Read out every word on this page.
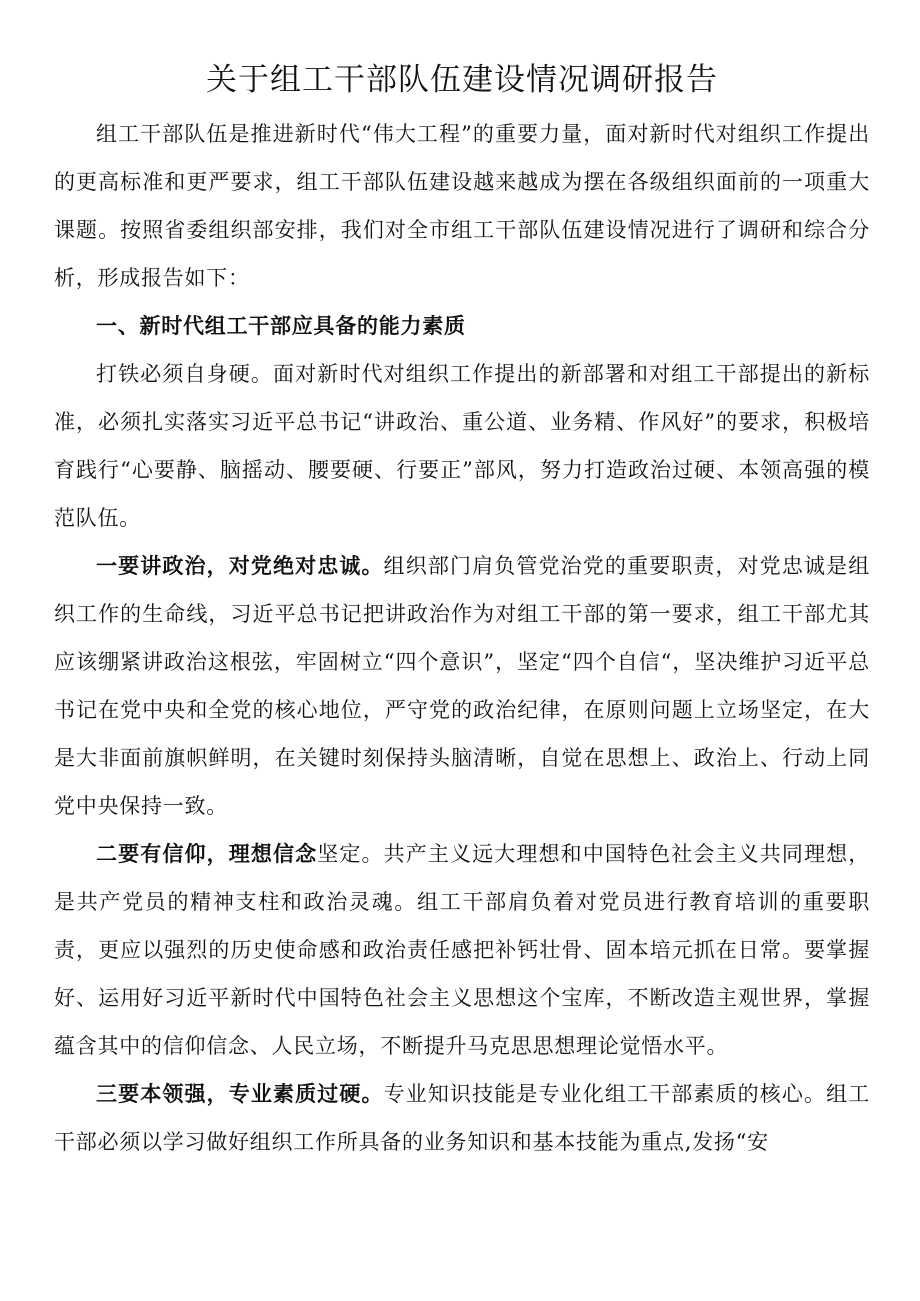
关于组工干部队伍建设情况调研报告

组工干部队伍是推进新时代“伟大工程”的重要力量，面对新时代对组织工作提出的更高标准和更严要求，组工干部队伍建设越来越成为摆在各级组织面前的一项重大课题。按照省委组织部安排，我们对全市组工干部队伍建设情况进行了调研和综合分析，形成报告如下：

一、新时代组工干部应具备的能力素质

打铁必须自身硬。面对新时代对组织工作提出的新部署和对组工干部提出的新标准，必须扎实落实习近平总书记“讲政治、重公道、业务精、作风好”的要求，积极培育践行“心要静、脑摇动、腰要硬、行要正”部风，努力打造政治过硬、本领高强的模范队伍。

一要讲政治，对党绝对忠诚。组织部门肩负管党治党的重要职责，对党忠诚是组织工作的生命线，习近平总书记把讲政治作为对组工干部的第一要求，组工干部尤其应该绷紧讲政治这根弦，牢固树立“四个意识”，坚定“四个自信“，坚决维护习近平总书记在党中央和全党的核心地位，严守党的政治纪律，在原则问题上立场坚定，在大是大非面前旗帜鲜明，在关键时刻保持头脑清晰，自觉在思想上、政治上、行动上同党中央保持一致。

二要有信仰，理想信念坚定。共产主义远大理想和中国特色社会主义共同理想，是共产党员的精神支柱和政治灵魂。组工干部肩负着对党员进行教育培训的重要职责，更应以强烈的历史使命感和政治责任感把补钙壮骨、固本培元抓在日常。要掌握好、运用好习近平新时代中国特色社会主义思想这个宝库，不断改造主观世界，掌握蕴含其中的信仰信念、人民立场，不断提升马克思思想理论觉悟水平。

三要本领强，专业素质过硬。专业知识技能是专业化组工干部素质的核心。组工干部必须以学习做好组织工作所具备的业务知识和基本技能为重点,发扬“安
